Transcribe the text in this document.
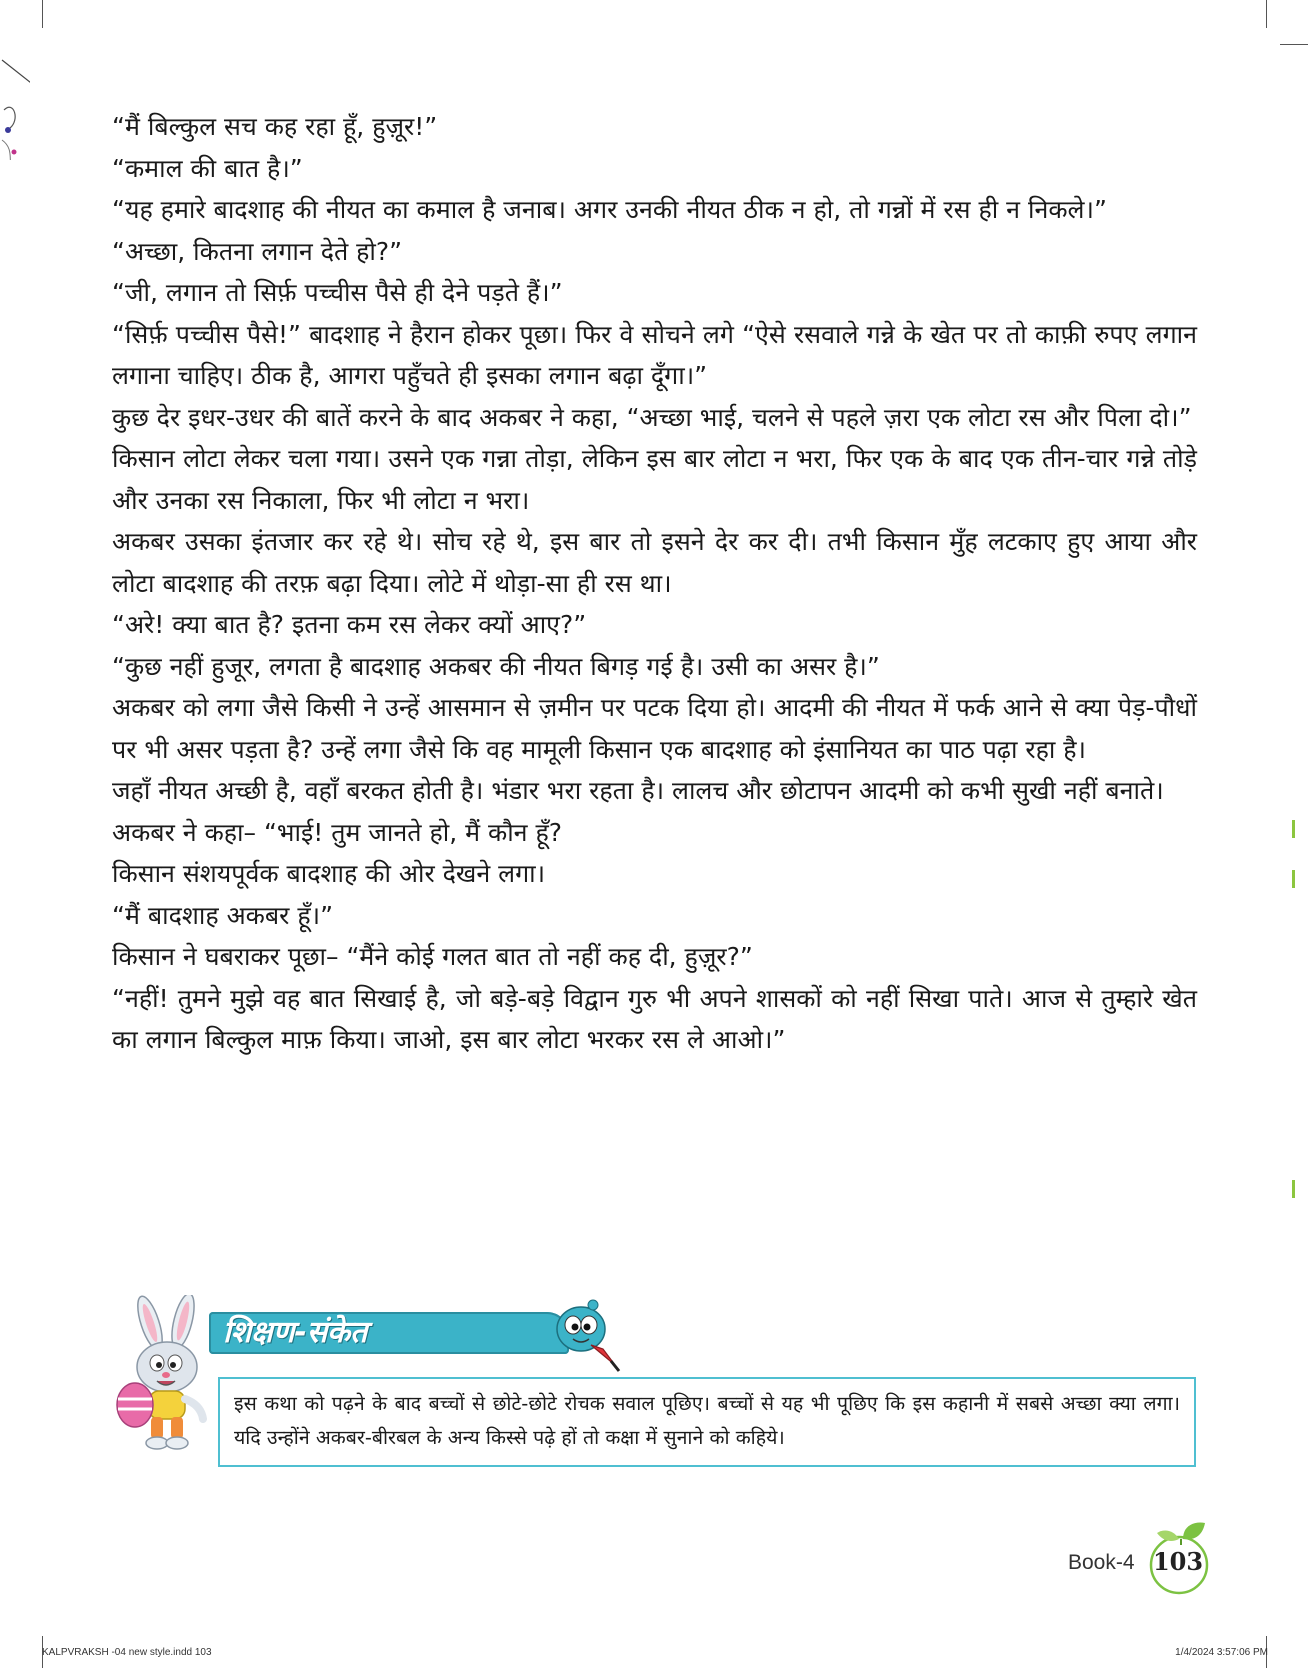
“मैं बिल्कुल सच कह रहा हूँ, हुज़ूर!”

“कमाल की बात है।”

“यह हमारे बादशाह की नीयत का कमाल है जनाब। अगर उनकी नीयत ठीक न हो, तो गन्नों में रस ही न निकले।”

“अच्छा, कितना लगान देते हो?”

“जी, लगान तो सिर्फ़ पच्चीस पैसे ही देने पड़ते हैं।”

“सिर्फ़ पच्चीस पैसे!” बादशाह ने हैरान होकर पूछा। फिर वे सोचने लगे “ऐसे रसवाले गन्ने के खेत पर तो काफ़ी रुपए लगान लगाना चाहिए। ठीक है, आगरा पहुँचते ही इसका लगान बढ़ा दूँगा।”

कुछ देर इधर-उधर की बातें करने के बाद अकबर ने कहा, “अच्छा भाई, चलने से पहले ज़रा एक लोटा रस और पिला दो।”

किसान लोटा लेकर चला गया। उसने एक गन्ना तोड़ा, लेकिन इस बार लोटा न भरा, फिर एक के बाद एक तीन-चार गन्ने तोड़े और उनका रस निकाला, फिर भी लोटा न भरा।

अकबर उसका इंतजार कर रहे थे। सोच रहे थे, इस बार तो इसने देर कर दी। तभी किसान मुँह लटकाए हुए आया और लोटा बादशाह की तरफ़ बढ़ा दिया। लोटे में थोड़ा-सा ही रस था।

“अरे! क्या बात है? इतना कम रस लेकर क्यों आए?”

“कुछ नहीं हुजूर, लगता है बादशाह अकबर की नीयत बिगड़ गई है। उसी का असर है।”

अकबर को लगा जैसे किसी ने उन्हें आसमान से ज़मीन पर पटक दिया हो। आदमी की नीयत में फर्क आने से क्या पेड़-पौधों पर भी असर पड़ता है? उन्हें लगा जैसे कि वह मामूली किसान एक बादशाह को इंसानियत का पाठ पढ़ा रहा है।

जहाँ नीयत अच्छी है, वहाँ बरकत होती है। भंडार भरा रहता है। लालच और छोटापन आदमी को कभी सुखी नहीं बनाते।

अकबर ने कहा– “भाई! तुम जानते हो, मैं कौन हूँ?

किसान संशयपूर्वक बादशाह की ओर देखने लगा।

“मैं बादशाह अकबर हूँ।”

किसान ने घबराकर पूछा– “मैंने कोई गलत बात तो नहीं कह दी, हुज़ूर?”

“नहीं! तुमने मुझे वह बात सिखाई है, जो बड़े-बड़े विद्वान गुरु भी अपने शासकों को नहीं सिखा पाते। आज से तुम्हारे खेत का लगान बिल्कुल माफ़ किया। जाओ, इस बार लोटा भरकर रस ले आओ।”

शिक्षण-संकेत
इस कथा को पढ़ने के बाद बच्चों से छोटे-छोटे रोचक सवाल पूछिए। बच्चों से यह भी पूछिए कि इस कहानी में सबसे अच्छा क्या लगा। यदि उन्होंने अकबर-बीरबल के अन्य किस्से पढ़े हों तो कक्षा में सुनाने को कहिये।
Book-4 103
KALPVRAKSH -04 new style.indd 103	1/4/2024 3:57:06 PM
